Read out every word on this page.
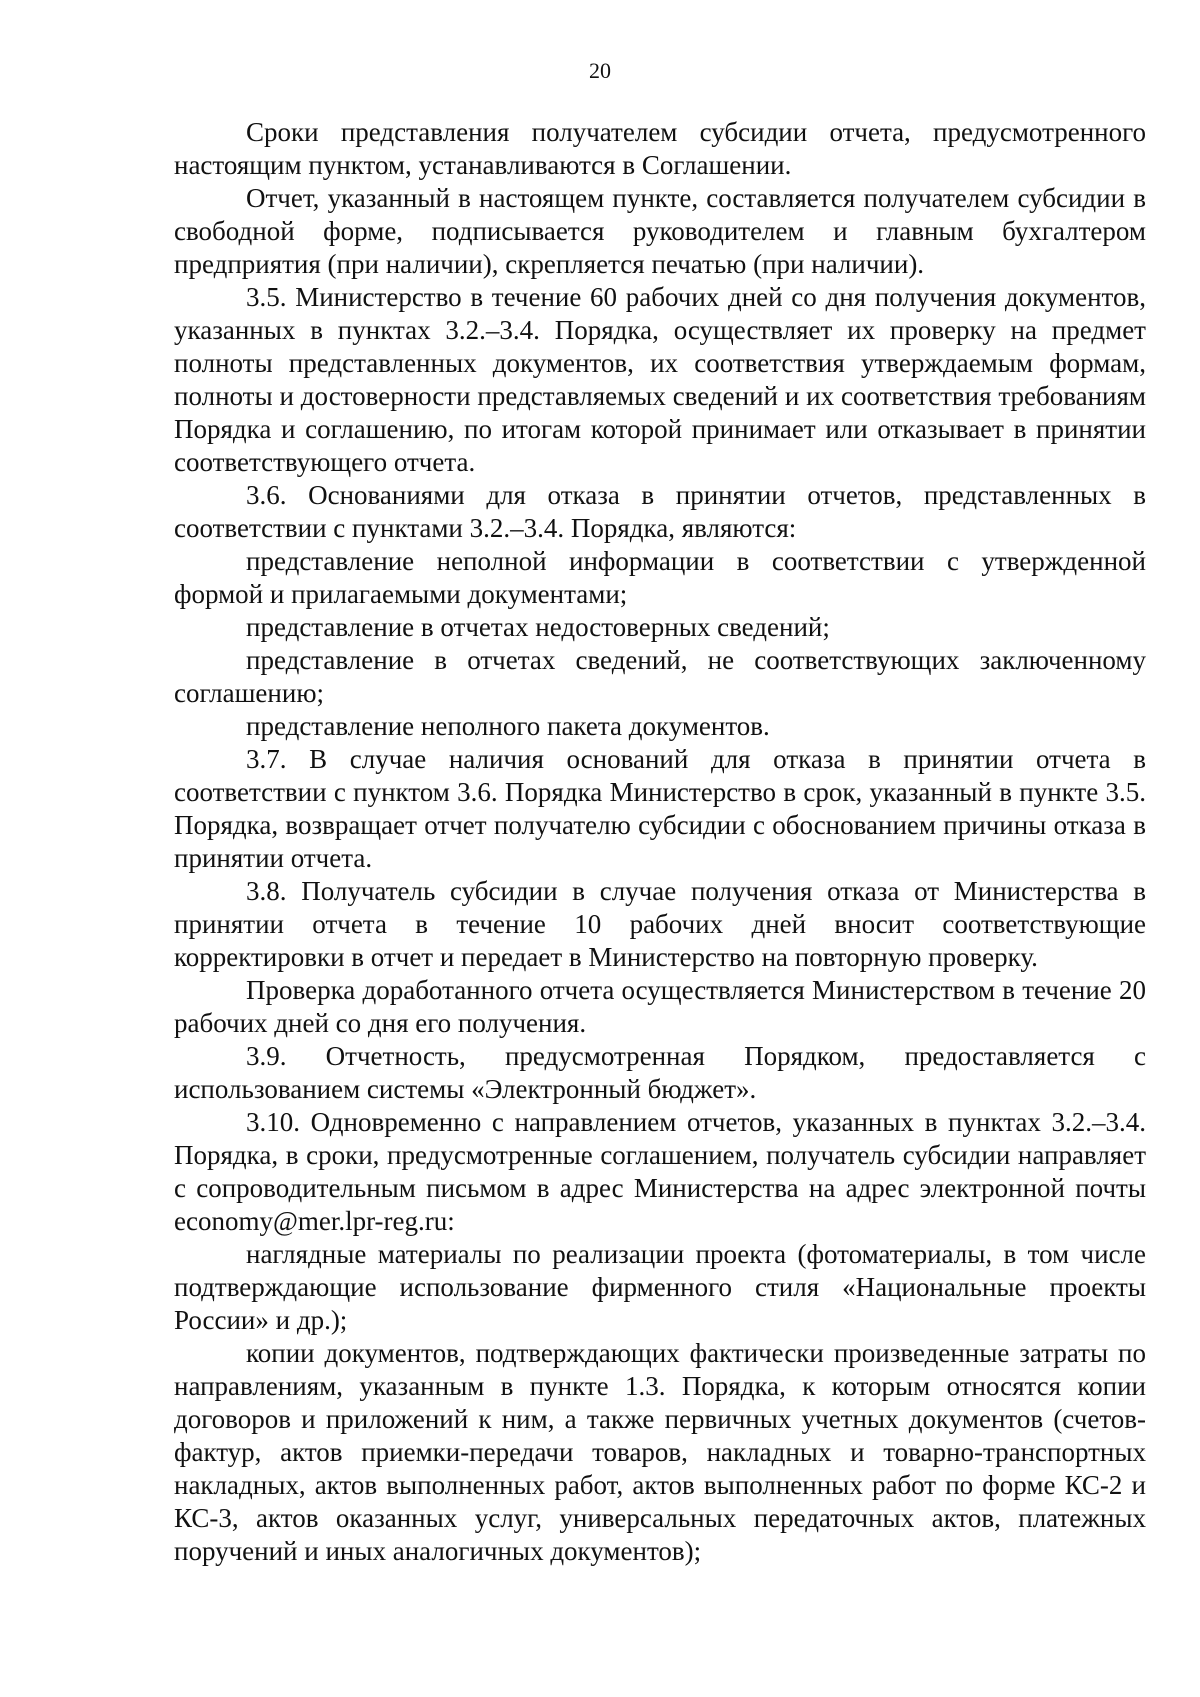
20

Сроки представления получателем субсидии отчета, предусмотренного настоящим пунктом, устанавливаются в Соглашении.

Отчет, указанный в настоящем пункте, составляется получателем субсидии в свободной форме, подписывается руководителем и главным бухгалтером предприятия (при наличии), скрепляется печатью (при наличии).

3.5. Министерство в течение 60 рабочих дней со дня получения документов, указанных в пунктах 3.2.–3.4. Порядка, осуществляет их проверку на предмет полноты представленных документов, их соответствия утверждаемым формам, полноты и достоверности представляемых сведений и их соответствия требованиям Порядка и соглашению, по итогам которой принимает или отказывает в принятии соответствующего отчета.

3.6. Основаниями для отказа в принятии отчетов, представленных в соответствии с пунктами 3.2.–3.4. Порядка, являются:

представление неполной информации в соответствии с утвержденной формой и прилагаемыми документами;

представление в отчетах недостоверных сведений;

представление в отчетах сведений, не соответствующих заключенному соглашению;

представление неполного пакета документов.

3.7. В случае наличия оснований для отказа в принятии отчета в соответствии с пунктом 3.6. Порядка Министерство в срок, указанный в пункте 3.5. Порядка, возвращает отчет получателю субсидии с обоснованием причины отказа в принятии отчета.

3.8. Получатель субсидии в случае получения отказа от Министерства в принятии отчета в течение 10 рабочих дней вносит соответствующие корректировки в отчет и передает в Министерство на повторную проверку.

Проверка доработанного отчета осуществляется Министерством в течение 20 рабочих дней со дня его получения.

3.9. Отчетность, предусмотренная Порядком, предоставляется с использованием системы «Электронный бюджет».

3.10. Одновременно с направлением отчетов, указанных в пунктах 3.2.–3.4. Порядка, в сроки, предусмотренные соглашением, получатель субсидии направляет с сопроводительным письмом в адрес Министерства на адрес электронной почты economy@mer.lpr-reg.ru:

наглядные материалы по реализации проекта (фотоматериалы, в том числе подтверждающие использование фирменного стиля «Национальные проекты России» и др.);

копии документов, подтверждающих фактически произведенные затраты по направлениям, указанным в пункте 1.3. Порядка, к которым относятся копии договоров и приложений к ним, а также первичных учетных документов (счетов-фактур, актов приемки-передачи товаров, накладных и товарно-транспортных накладных, актов выполненных работ, актов выполненных работ по форме КС-2 и КС-3, актов оказанных услуг, универсальных передаточных актов, платежных поручений и иных аналогичных документов);
